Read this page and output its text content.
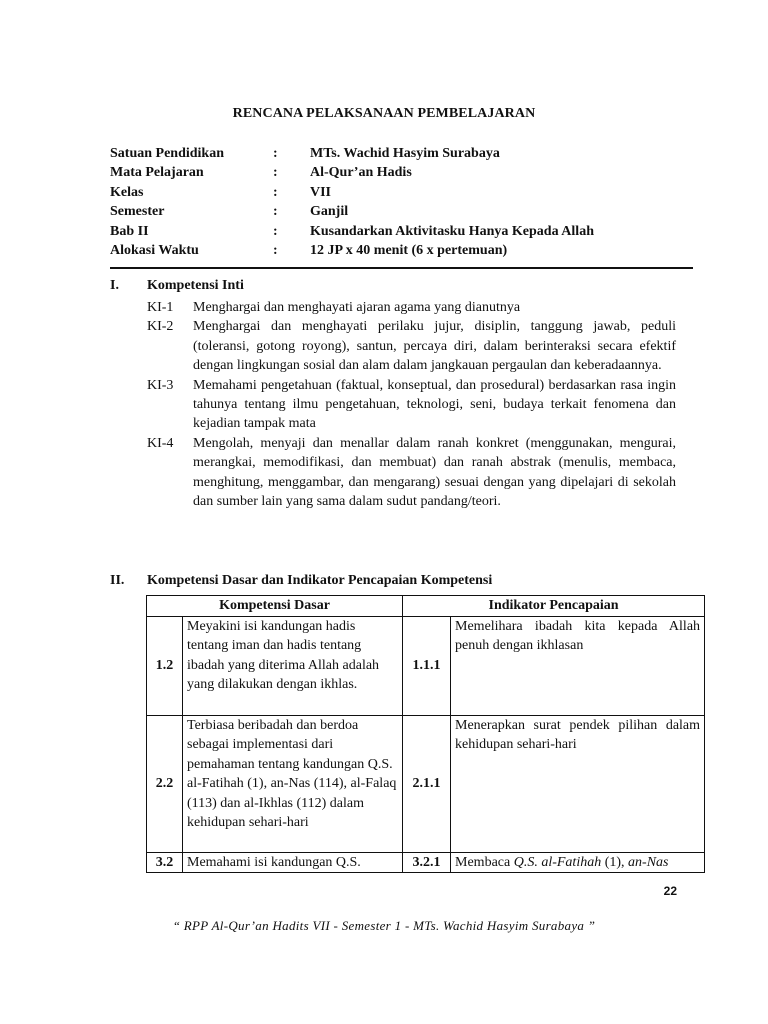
RENCANA PELAKSANAAN PEMBELAJARAN
Satuan Pendidikan	:	MTs. Wachid Hasyim Surabaya
Mata Pelajaran	:	Al-Qur’an Hadis
Kelas	:	VII
Semester	:	Ganjil
Bab II	:	Kusandarkan Aktivitasku Hanya Kepada Allah
Alokasi Waktu	:	12 JP x 40 menit (6 x pertemuan)
I. Kompetensi Inti
KI-1	Menghargai dan menghayati ajaran agama yang dianutnya
KI-2	Menghargai dan menghayati perilaku jujur, disiplin, tanggung jawab, peduli (toleransi, gotong royong), santun, percaya diri, dalam berinteraksi secara efektif dengan lingkungan sosial dan alam dalam jangkauan pergaulan dan keberadaannya.
KI-3	Memahami pengetahuan (faktual, konseptual, dan prosedural) berdasarkan rasa ingin tahunya tentang ilmu pengetahuan, teknologi, seni, budaya terkait fenomena dan kejadian tampak mata
KI-4	Mengolah, menyaji dan menallar dalam ranah konkret (menggunakan, mengurai, merangkai, memodifikasi, dan membuat) dan ranah abstrak (menulis, membaca, menghitung, menggambar, dan mengarang) sesuai dengan yang dipelajari di sekolah dan sumber lain yang sama dalam sudut pandang/teori.
II. Kompetensi Dasar dan Indikator Pencapaian Kompetensi
Kompetensi Dasar		Indikator Pencapaian	
1.2	Meyakini isi kandungan hadis tentang iman dan hadis tentang ibadah yang diterima Allah adalah yang dilakukan dengan ikhlas.	1.1.1	Memelihara ibadah kita kepada Allah penuh dengan ikhlasan
2.2	Terbiasa beribadah dan berdoa sebagai implementasi dari pemahaman tentang kandungan Q.S. al-Fatihah (1), an-Nas (114), al-Falaq (113) dan al-Ikhlas (112) dalam kehidupan sehari-hari	2.1.1	Menerapkan surat pendek pilihan dalam kehidupan sehari-hari
3.2	Memahami isi kandungan Q.S.	3.2.1	Membaca Q.S. al-Fatihah (1), an-Nas
22
“ RPP Al-Qur’an Hadits VII - Semester 1 - MTs. Wachid Hasyim Surabaya ”
